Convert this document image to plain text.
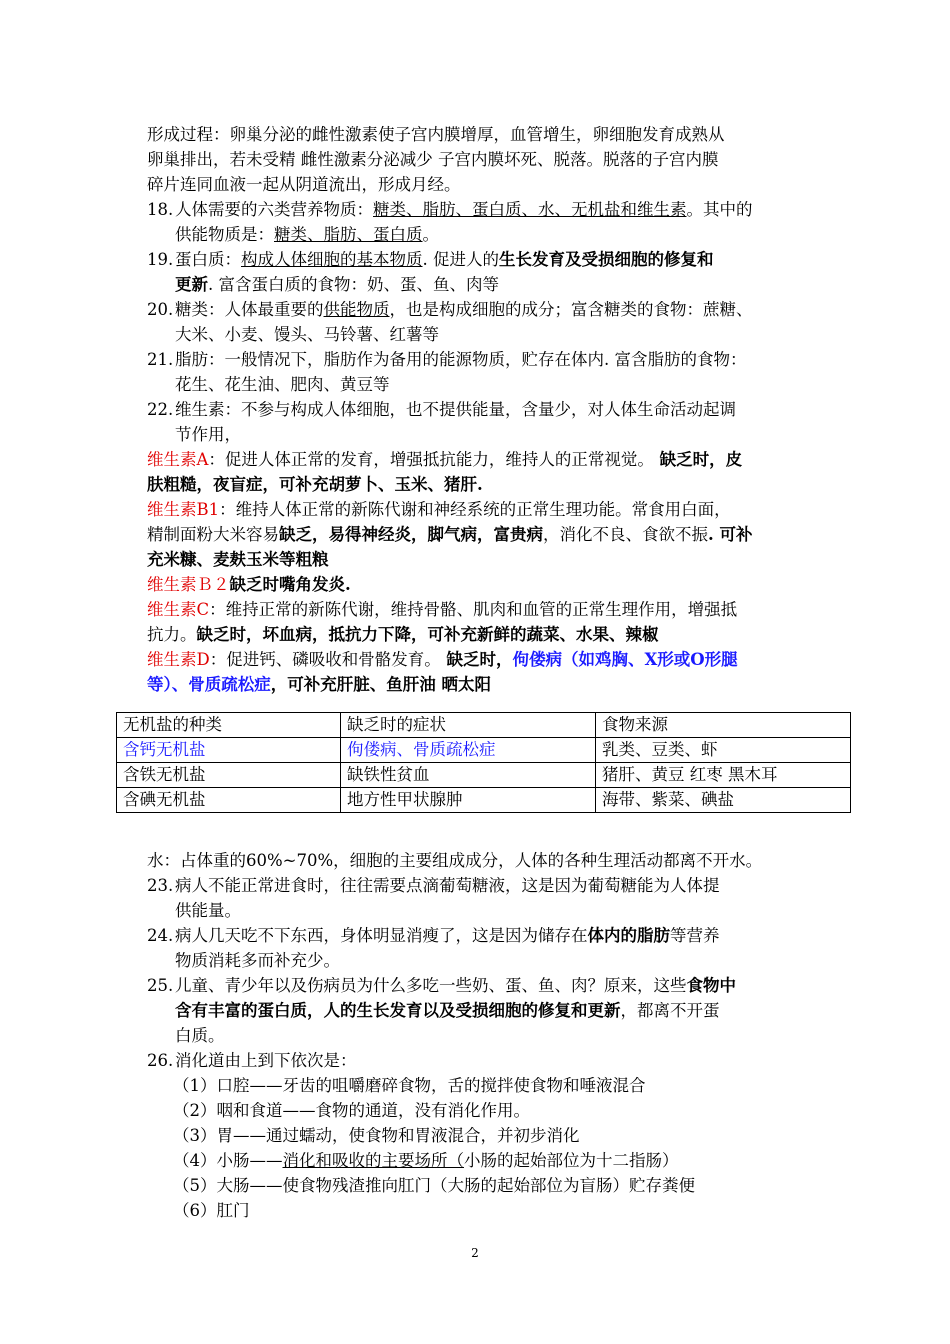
形成过程：卵巢分泌的雌性激素使子宫内膜增厚，血管增生，卵细胞发育成熟从

卵巢排出，若未受精 雌性激素分泌减少 子宫内膜坏死、脱落。脱落的子宫内膜

碎片连同血液一起从阴道流出，形成月经。

18. 人体需要的六类营养物质：糖类、脂肪、蛋白质、水、无机盐和维生素。其中的
供能物质是：糖类、脂肪、蛋白质。
19. 蛋白质：构成人体细胞的基本物质. 促进人的生长发育及受损细胞的修复和
更新. 富含蛋白质的食物：奶、蛋、鱼、肉等
20. 糖类：人体最重要的供能物质，也是构成细胞的成分；富含糖类的食物：蔗糖、
大米、小麦、馒头、马铃薯、红薯等
21. 脂肪：一般情况下，脂肪作为备用的能源物质，贮存在体内. 富含脂肪的食物：
花生、花生油、肥肉、黄豆等
22. 维生素：不参与构成人体细胞，也不提供能量，含量少，对人体生命活动起调
节作用，

维生素A：促进人体正常的发育，增强抵抗能力，维持人的正常视觉。 缺乏时，皮
肤粗糙，夜盲症，可补充胡萝卜、玉米、猪肝.

维生素B1：维持人体正常的新陈代谢和神经系统的正常生理功能。常食用白面，
精制面粉大米容易缺乏，易得神经炎，脚气病，富贵病，消化不良、食欲不振. 可补
充米糠、麦麸玉米等粗粮

维生素Ｂ２缺乏时嘴角发炎.

维生素C：维持正常的新陈代谢，维持骨骼、肌肉和血管的正常生理作用，增强抵
抗力。缺乏时，坏血病，抵抗力下降，可补充新鲜的蔬菜、水果、辣椒

维生素D：促进钙、磷吸收和骨骼发育。 缺乏时，佝偻病（如鸡胸、X形或O形腿
等）、骨质疏松症，可补充肝脏、鱼肝油 晒太阳

无机盐的种类	缺乏时的症状	食物来源
含钙无机盐	佝偻病、骨质疏松症	乳类、豆类、虾
含铁无机盐	缺铁性贫血	猪肝、黄豆 红枣 黑木耳
含碘无机盐	地方性甲状腺肿	海带、紫菜、碘盐

水：占体重的60%~70%，细胞的主要组成成分，人体的各种生理活动都离不开水。

23. 病人不能正常进食时，往往需要点滴葡萄糖液，这是因为葡萄糖能为人体提
供能量。
24. 病人几天吃不下东西，身体明显消瘦了，这是因为储存在体内的脂肪等营养
物质消耗多而补充少。
25. 儿童、青少年以及伤病员为什么多吃一些奶、蛋、鱼、肉？原来，这些食物中
含有丰富的蛋白质，人的生长发育以及受损细胞的修复和更新，都离不开蛋
白质。
26. 消化道由上到下依次是：

（1）口腔——牙齿的咀嚼磨碎食物，舌的搅拌使食物和唾液混合

（2）咽和食道——食物的通道，没有消化作用。

（3）胃——通过蠕动，使食物和胃液混合，并初步消化

（4）小肠——消化和吸收的主要场所（小肠的起始部位为十二指肠）

（5）大肠——使食物残渣推向肛门（大肠的起始部位为盲肠）贮存粪便

（6）肛门

2
